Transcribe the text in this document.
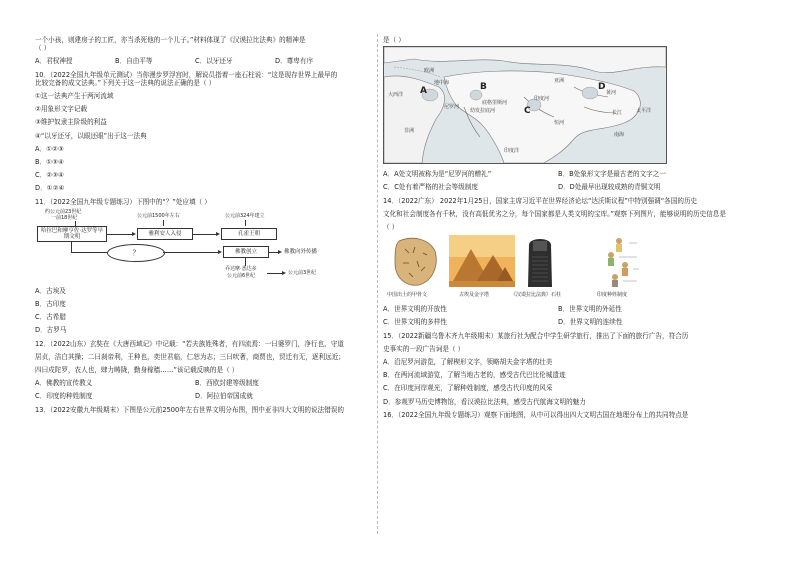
一个小孩，则建房子的工匠，亦当杀死他的一个儿子。”材料体现了《汉谟拉比法典》的精神是

（ ）

A．君权神授	B．自由平等	C．以牙还牙	D．尊卑有序

10．（2022全国九年级单元测试）当你漫步罗浮宫时，解说员指着一座石柱说：“这是现存世界上最早的

比较完备的成文法典。”下列关于这一法典的说法正确的是（ ）

①这一法典产生于两河流域

②用象形文字记载

③维护奴隶主阶级的利益

④“以牙还牙，以眼还眼”出于这一法典

A．①②③

B．①③④

C．②③④

D．①②④

11．（2022全国九年级专题练习）下图中的“？”处应填（ ）

约公元前23世纪
一前18世纪	公元前1500年左右	公元前324年建立
哈拉巴和摩亨佐·达罗等早期文明
雅利安人入侵	孔雀王朝
？	佛教创立	佛教向外传播
乔达摩·悉达多
公元前6世纪	公元前3世纪

A．古埃及

B．古印度

C．古希腊

D．古罗马

12．（2022山东）玄奘在《大唐西域记》中记载：“若夫族姓殊者，有四流焉：一曰婆罗门，净行也，守道

居贞，洁白其操；二曰刹帝利，王种也，奕世君临，仁恕为志；三曰吠奢，商贾也，贸迁有无，逐利远近；

四曰戍陀罗，农人也，肆力畴陇，勤身稼穑……”该记载反映的是（ ）

A．佛教的宣传教义	B．西欧封建等级制度
C．印度的种姓制度	D．阿拉伯帝国成就

13．（2022安徽九年级期末）下图是公元前2500年左右世界文明分布图，图中亚非四大文明的说法错误的

是（ ）

A	B
C
D
欧洲
亚洲
非洲
太平洋
大西洋
印度洋
地中海
黄河
长江
印度河
恒河
尼罗河
幼发拉底河
底格里斯河
南海
A．A处文明被称为是“尼罗河的赠礼”	B．B处象形文字是最古老的文字之一
C．C处有着严格的社会等级制度	D．D处最早出现较成熟的青铜文明

14．（2022广东） 2022年1月25日，国家主席习近平在世界经济论坛“达沃斯议程”中特别强调“各国的历史

文化和社会制度各有千秋，没有高低优劣之分，每个国家都是人类文明的宝库。”观察下列图片，能够说明的历史信息是

（ ）

中国出土的甲骨文	古埃及金字塔	《汉谟拉比法典》石柱	印度种姓制度
A．世界文明的开放性	B．世界文明的外延性
C．世界文明的多样性	D．世界文明的连续性

15．（2022新疆乌鲁木齐九年级期末）某旅行社为配合中学生研学旅行，推出了下面的旅行广告，符合历

史事实的一段广告词是（ ）

A．沿尼罗河游览，了解楔形文字，领略胡夫金字塔的壮美

B．在两河流域游览，了解当地古老的，感受古代巴比伦城遗迹

C．在印度河岸观光，了解种姓制度，感受古代印度的风采

D．参观罗马历史博物馆，看汉谟拉比法典，感受古代航海文明的魅力

16．（2022全国九年级专题练习）观察下面地图，从中可以得出四大文明古国在地理分布上的共同特点是
